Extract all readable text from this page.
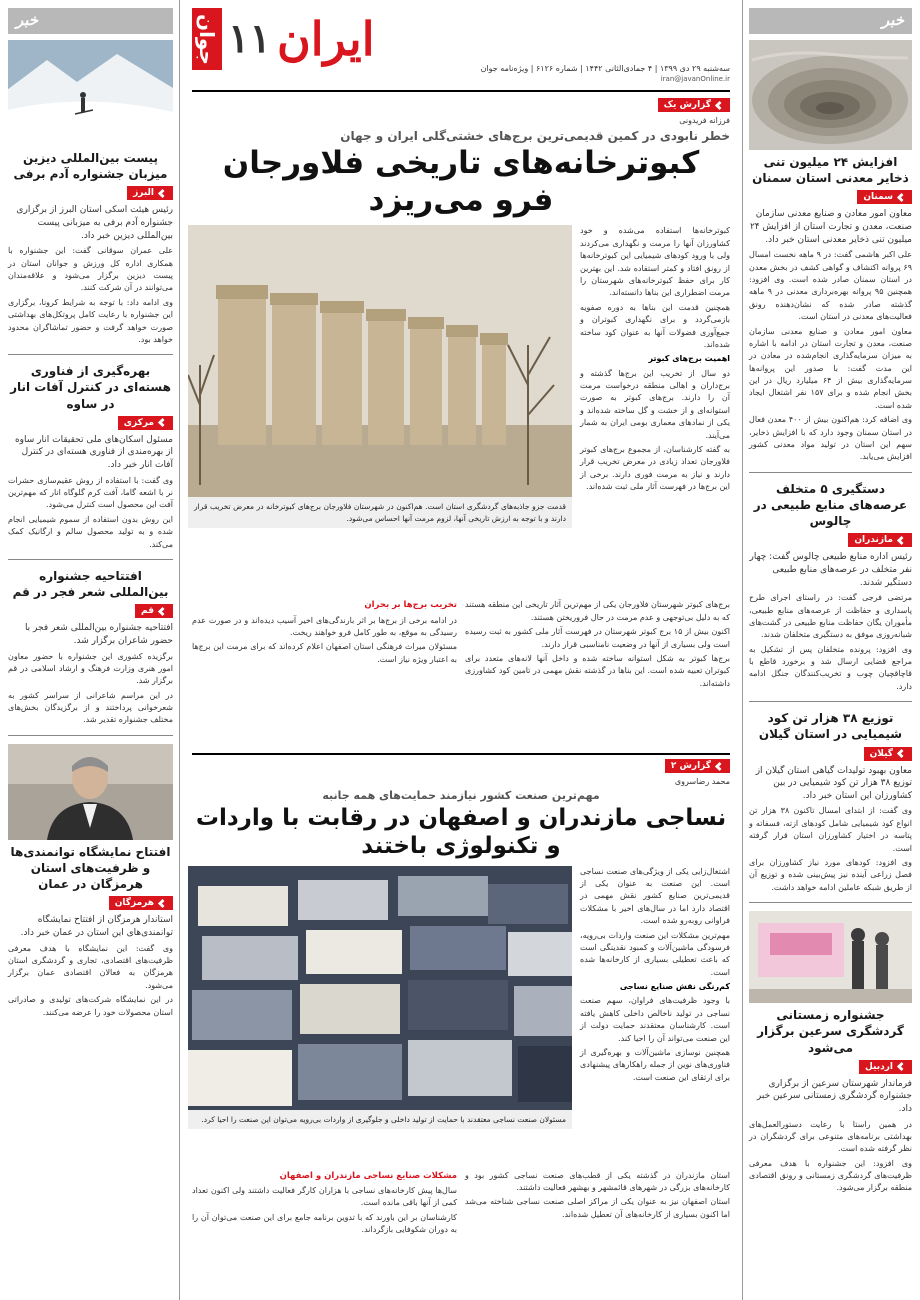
خبر
افزایش ۲۴ میلیون تنی ذخایر معدنی استان سمنان
سمنان
معاون امور معادن و صنایع معدنی سازمان صنعت، معدن و تجارت استان از افزایش ۲۴ میلیون تنی ذخایر معدنی استان خبر داد.

علی اکبر هاشمی گفت: در ۹ ماهه نخست امسال ۶۹ پروانه اکتشاف و گواهی کشف در بخش معدن در استان سمنان صادر شده است. وی افزود: همچنین ۹۵ پروانه بهره‌برداری معدنی در ۹ ماهه گذشته صادر شده که نشان‌دهنده رونق فعالیت‌های معدنی در استان است.

معاون امور معادن و صنایع معدنی سازمان صنعت، معدن و تجارت استان در ادامه با اشاره به میزان سرمایه‌گذاری انجام‌شده در معادن در این مدت گفت: با صدور این پروانه‌ها سرمایه‌گذاری بیش از ۶۴ میلیارد ریال در این بخش انجام شده و برای ۱۵۷ نفر اشتغال ایجاد شده است.

وی اضافه کرد: هم‌اکنون بیش از ۴۰۰ معدن فعال در استان سمنان وجود دارد که با افزایش ذخایر، سهم این استان در تولید مواد معدنی کشور افزایش می‌یابد.

دستگیری ۵ متخلف عرصه‌های منابع طبیعی در چالوس
مازندران
رئیس اداره منابع طبیعی چالوس گفت: چهار نفر متخلف در عرصه‌های منابع طبیعی دستگیر شدند.

مرتضی فرجی گفت: در راستای اجرای طرح پاسداری و حفاظت از عرصه‌های منابع طبیعی، مأموران یگان حفاظت منابع طبیعی در گشت‌های شبانه‌روزی موفق به دستگیری متخلفان شدند.

وی افزود: پرونده متخلفان پس از تشکیل به مراجع قضایی ارسال شد و برخورد قاطع با قاچاقچیان چوب و تخریب‌کنندگان جنگل ادامه دارد.

توزیع ۳۸ هزار تن کود شیمیایی در استان گیلان
گیلان
معاون بهبود تولیدات گیاهی استان گیلان از توزیع ۳۸ هزار تن کود شیمیایی در بین کشاورزان این استان خبر داد.

وی گفت: از ابتدای امسال تاکنون ۳۸ هزار تن انواع کود شیمیایی شامل کودهای ازته، فسفاته و پتاسه در اختیار کشاورزان استان قرار گرفته است.

وی افزود: کودهای مورد نیاز کشاورزان برای فصل زراعی آینده نیز پیش‌بینی شده و توزیع آن از طریق شبکه عاملین ادامه خواهد داشت.

جشنواره زمستانی گردشگری سرعین برگزار می‌شود
اردبیل
فرماندار شهرستان سرعین از برگزاری جشنواره گردشگری زمستانی سرعین خبر داد.

در همین راستا با رعایت دستورالعمل‌های بهداشتی برنامه‌های متنوعی برای گردشگران در نظر گرفته شده است.

وی افزود: این جشنواره با هدف معرفی ظرفیت‌های گردشگری زمستانی و رونق اقتصادی منطقه برگزار می‌شود.

خبر
پیست بین‌المللی دیزین میزبان جشنواره آدم برفی
البرز
رئیس هیئت اسکی استان البرز از برگزاری جشنواره آدم برفی به میزبانی پیست بین‌المللی دیزین خبر داد.

علی عمران سوقانی گفت: این جشنواره با همکاری اداره کل ورزش و جوانان استان در پیست دیزین برگزار می‌شود و علاقه‌مندان می‌توانند در آن شرکت کنند.

وی ادامه داد: با توجه به شرایط کرونا، برگزاری این جشنواره با رعایت کامل پروتکل‌های بهداشتی صورت خواهد گرفت و حضور تماشاگران محدود خواهد بود.

بهره‌گیری از فناوری هسته‌ای در کنترل آفات انار در ساوه
مرکزی
مسئول اسکان‌های ملی تحقیقات انار ساوه از بهره‌مندی از فناوری هسته‌ای در کنترل آفات انار خبر داد.

وی گفت: با استفاده از روش عقیم‌سازی حشرات نر با اشعه گاما، آفت کرم گلوگاه انار که مهم‌ترین آفت این محصول است کنترل می‌شود.

این روش بدون استفاده از سموم شیمیایی انجام شده و به تولید محصول سالم و ارگانیک کمک می‌کند.

افتتاحیه جشنواره بین‌المللی شعر فجر در قم
قم
افتتاحیه جشنواره بین‌المللی شعر فجر با حضور شاعران برگزار شد.

برگزیده کشوری این جشنواره با حضور معاون امور هنری وزارت فرهنگ و ارشاد اسلامی در قم برگزار شد.

در این مراسم شاعرانی از سراسر کشور به شعرخوانی پرداختند و از برگزیدگان بخش‌های مختلف جشنواره تقدیر شد.

افتتاح نمایشگاه توانمندی‌ها و ظرفیت‌های استان هرمزگان در عمان
هرمزگان
استاندار هرمزگان از افتتاح نمایشگاه توانمندی‌های این استان در عمان خبر داد.

وی گفت: این نمایشگاه با هدف معرفی ظرفیت‌های اقتصادی، تجاری و گردشگری استان هرمزگان به فعالان اقتصادی عمان برگزار می‌شود.

در این نمایشگاه شرکت‌های تولیدی و صادراتی استان محصولات خود را عرضه می‌کنند.

سه‌شنبه ۲۹ دی ۱۳۹۹ | ۴ جمادی‌الثانی ۱۴۴۲ | شماره ۶۱۲۶ | ویژه‌نامه جوان
iran@javanOnline.ir
ایران
۱۱
جوان
گزارش یک
فرزانه فریدونی
خطر نابودی در کمین قدیمی‌ترین برج‌های خشتی‌گلی ایران و جهان
کبوترخانه‌های تاریخی فلاورجان فرو می‌ریزد

کبوترخانه‌ها استفاده می‌شده و خود کشاورزان آنها را مرمت و نگهداری می‌کردند ولی با ورود کودهای شیمیایی این کبوترخانه‌ها از رونق افتاد و کمتر استفاده شد. این بهترین کار برای حفظ کبوترخانه‌های شهرستان را مرمت اضطراری این بناها دانسته‌اند.

همچنین قدمت این بناها به دوره صفویه بازمی‌گردد و برای نگهداری کبوتران و جمع‌آوری فضولات آنها به عنوان کود ساخته شده‌اند.

اهمیت برج‌های کبوتر

دو سال از تخریب این برج‌ها گذشته و برج‌داران و اهالی منطقه درخواست مرمت آن را دارند. برج‌های کبوتر به صورت استوانه‌ای و از خشت و گل ساخته شده‌اند و یکی از نمادهای معماری بومی ایران به شمار می‌آیند.

به گفته کارشناسان، از مجموع برج‌های کبوتر فلاورجان تعداد زیادی در معرض تخریب قرار دارند و نیاز به مرمت فوری دارند. برخی از این برج‌ها در فهرست آثار ملی ثبت شده‌اند.

قدمت جزو جاذبه‌های گردشگری استان است. هم‌اکنون در شهرستان فلاورجان برج‌های کبوترخانه در معرض تخریب قرار دارند و با توجه به ارزش تاریخی آنها، لزوم مرمت آنها احساس می‌شود.

برج‌های کبوتر شهرستان فلاورجان یکی از مهم‌ترین آثار تاریخی این منطقه هستند که به دلیل بی‌توجهی و عدم مرمت در حال فروریختن هستند.

اکنون بیش از ۱۵ برج کبوتر شهرستان در فهرست آثار ملی کشور به ثبت رسیده است ولی بسیاری از آنها در وضعیت نامناسبی قرار دارند.

برج‌ها کبوتر به شکل استوانه ساخته شده و داخل آنها لانه‌های متعدد برای کبوتران تعبیه شده است. این بناها در گذشته نقش مهمی در تامین کود کشاورزی داشته‌اند.

تخریب برج‌ها بر بحران

در ادامه برخی از برج‌ها بر اثر بارندگی‌های اخیر آسیب دیده‌اند و در صورت عدم رسیدگی به موقع، به طور کامل فرو خواهند ریخت.

مسئولان میراث فرهنگی استان اصفهان اعلام کرده‌اند که برای مرمت این برج‌ها به اعتبار ویژه نیاز است.

گزارش ۲
محمد رضاسروی
مهم‌ترین صنعت کشور نیازمند حمایت‌های همه جانبه
نساجی مازندران و اصفهان در رقابت با واردات و تکنولوژی باختند

اشتغال‌زایی یکی از ویژگی‌های صنعت نساجی است. این صنعت به عنوان یکی از قدیمی‌ترین صنایع کشور نقش مهمی در اقتصاد دارد اما در سال‌های اخیر با مشکلات فراوانی روبه‌رو شده است.

مهم‌ترین مشکلات این صنعت واردات بی‌رویه، فرسودگی ماشین‌آلات و کمبود نقدینگی است که باعث تعطیلی بسیاری از کارخانه‌ها شده است.

کم‌رنگی نقش صنایع نساجی

با وجود ظرفیت‌های فراوان، سهم صنعت نساجی در تولید ناخالص داخلی کاهش یافته است. کارشناسان معتقدند حمایت دولت از این صنعت می‌تواند آن را احیا کند.

همچنین نوسازی ماشین‌آلات و بهره‌گیری از فناوری‌های نوین از جمله راهکارهای پیشنهادی برای ارتقای این صنعت است.

مسئولان صنعت نساجی معتقدند با حمایت از تولید داخلی و جلوگیری از واردات بی‌رویه می‌توان این صنعت را احیا کرد.

استان مازندران در گذشته یکی از قطب‌های صنعت نساجی کشور بود و کارخانه‌های بزرگی در شهرهای قائمشهر و بهشهر فعالیت داشتند.

استان اصفهان نیز به عنوان یکی از مراکز اصلی صنعت نساجی شناخته می‌شد اما اکنون بسیاری از کارخانه‌های آن تعطیل شده‌اند.

مشکلات صنایع نساجی مازندران و اصفهان

سال‌ها پیش کارخانه‌های نساجی با هزاران کارگر فعالیت داشتند ولی اکنون تعداد کمی از آنها باقی مانده است.

کارشناسان بر این باورند که با تدوین برنامه جامع برای این صنعت می‌توان آن را به دوران شکوفایی بازگرداند.
